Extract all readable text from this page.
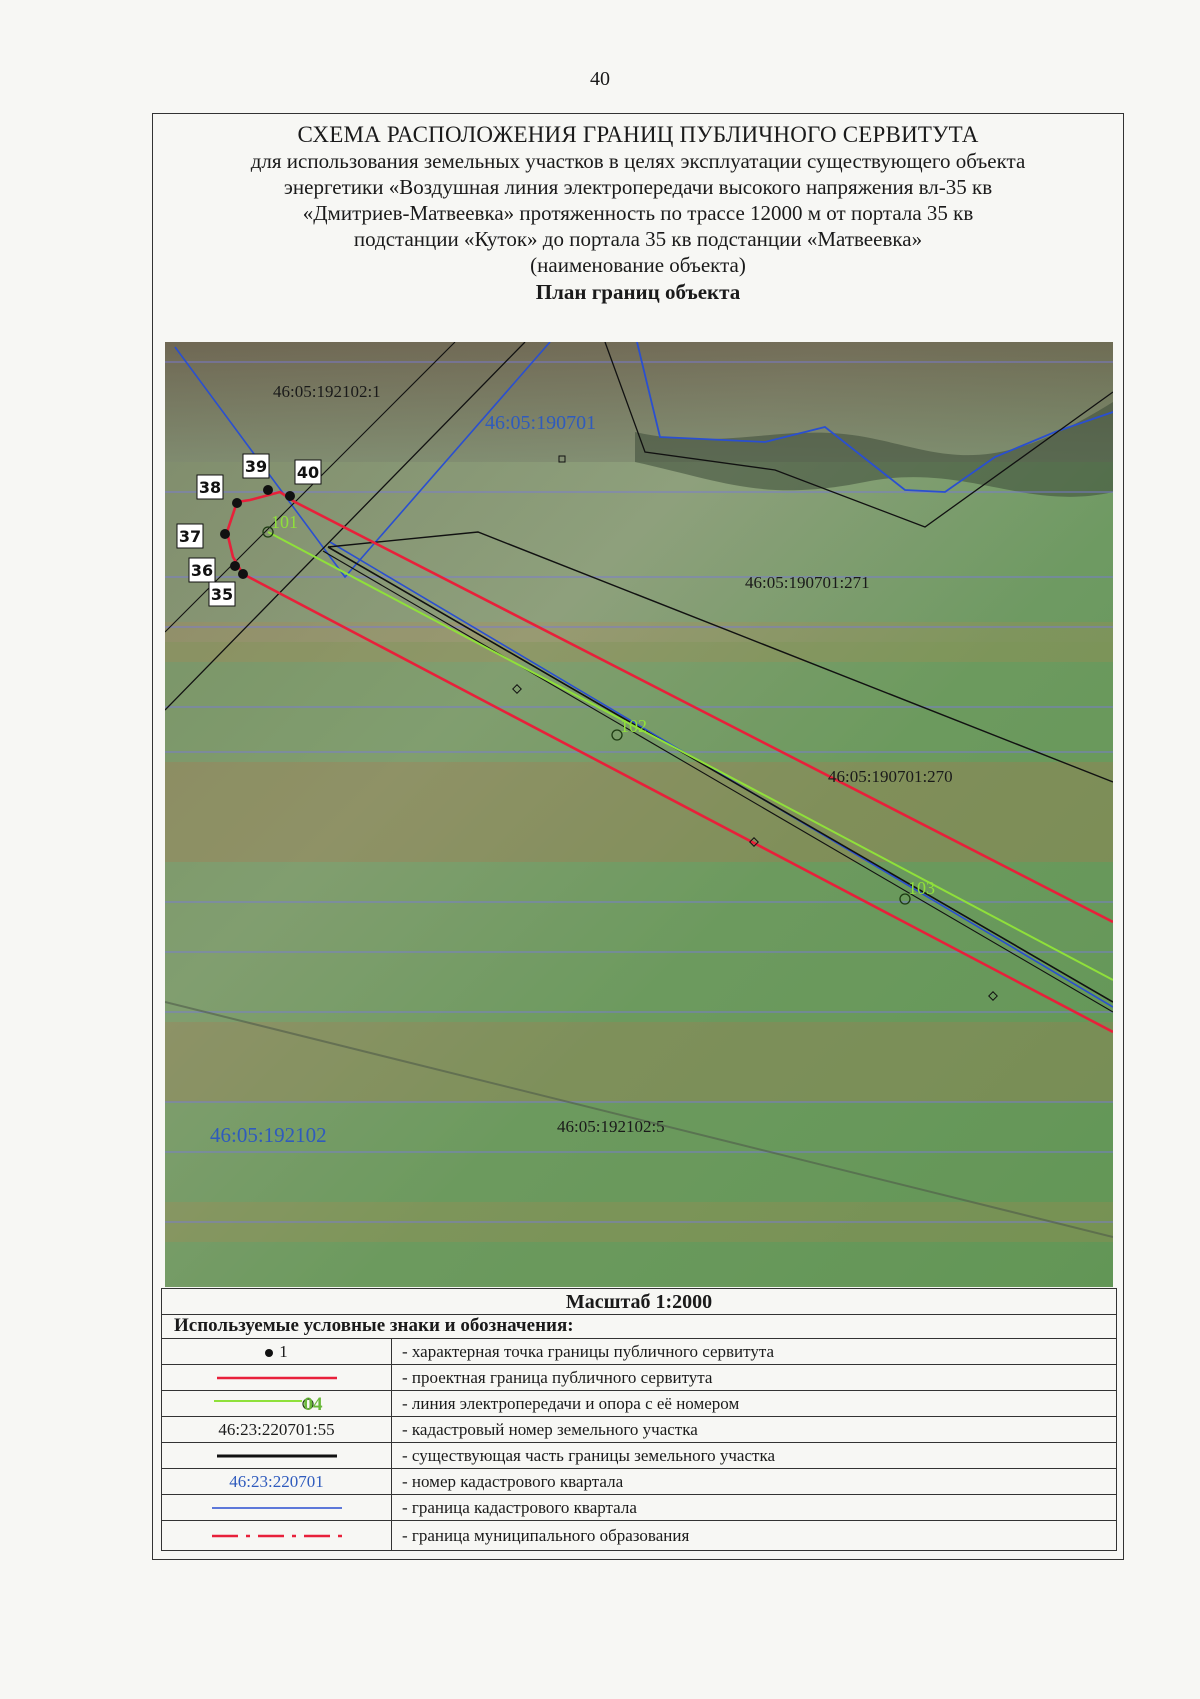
40
СХЕМА РАСПОЛОЖЕНИЯ ГРАНИЦ ПУБЛИЧНОГО СЕРВИТУТА
для использования земельных участков в целях эксплуатации существующего объекта
энергетики «Воздушная линия электропередачи высокого напряжения вл-35 кв
«Дмитриев-Матвеевка» протяженность по трассе 12000 м от портала 35 кв
подстанции «Куток» до портала 35 кв подстанции «Матвеевка»
(наименование объекта)
План границ объекта
101
102
103
35
36
37
38
39 40
46:05:192102:1
46:05:190701
46:05:190701:271
46:05:190701:270
46:05:192102:5
46:05:192102
Масштаб 1:2000
Используемые условные знаки и обозначения:
1	- характерная точка границы публичного сервитута

	- проектная граница публичного сервитута

04	- линия электропередачи и опора с её номером
46:23:220701:55	- кадастровый номер земельного участка

	- существующая часть границы земельного участка
46:23:220701	- номер кадастрового квартала

	- граница кадастрового квартала

	- граница муниципального образования
